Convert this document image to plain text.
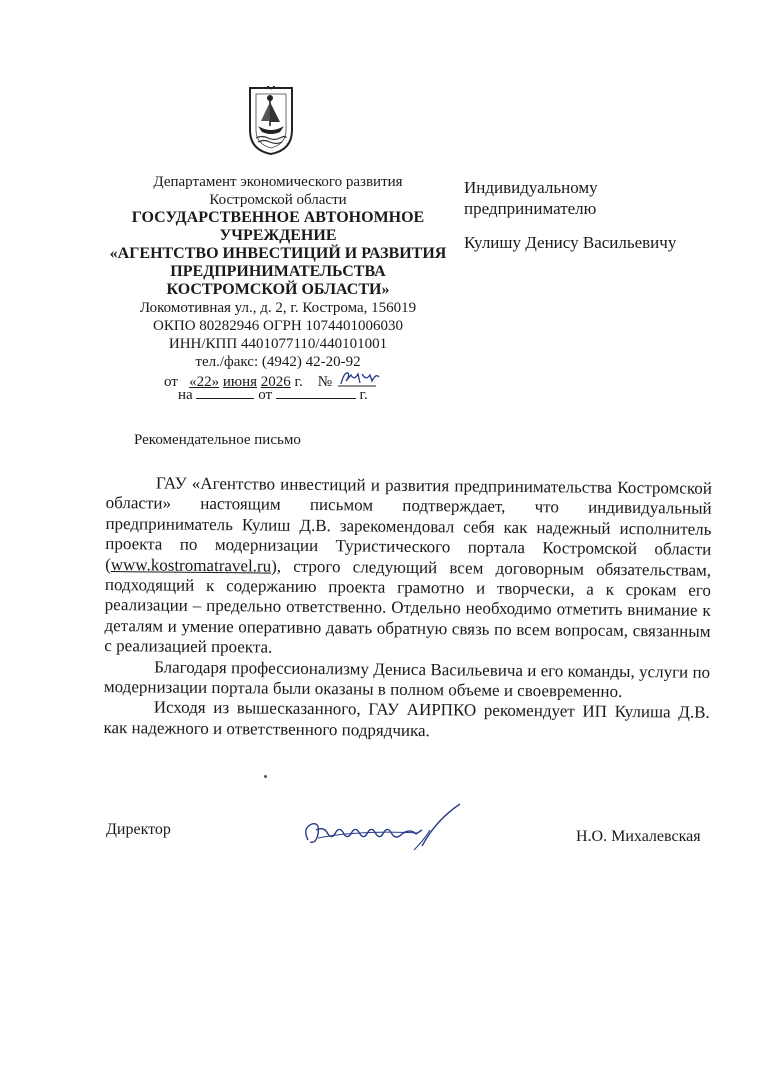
Департамент экономического развития
Костромской области
ГОСУДАРСТВЕННОЕ АВТОНОМНОЕ
УЧРЕЖДЕНИЕ
«АГЕНТСТВО ИНВЕСТИЦИЙ И РАЗВИТИЯ
ПРЕДПРИНИМАТЕЛЬСТВА
КОСТРОМСКОЙ ОБЛАСТИ»
Локомотивная ул., д. 2, г. Кострома, 156019
ОКПО 80282946 ОГРН 1074401006030
ИНН/КПП 4401077110/440101001
тел./факс: (4942) 42-20-92
от «22» июня 2026 г. №
на	от	г.
Индивидуальному
предпринимателю
Кулишу Денису Васильевичу
Рекомендательное письмо

ГАУ «Агентство инвестиций и развития предпринимательства Костромской области» настоящим письмом подтверждает, что индивидуальный предприниматель Кулиш Д.В. зарекомендовал себя как надежный исполнитель проекта по модернизации Туристического портала Костромской области (www.kostromatravel.ru), строго следующий всем договорным обязательствам, подходящий к содержанию проекта грамотно и творчески, а к срокам его реализации – предельно ответственно. Отдельно необходимо отметить внимание к деталям и умение оперативно давать обратную связь по всем вопросам, связанным с реализацией проекта.

Благодаря профессионализму Дениса Васильевича и его команды, услуги по модернизации портала были оказаны в полном объеме и своевременно.

Исходя из вышесказанного, ГАУ АИРПКО рекомендует ИП Кулиша Д.В. как надежного и ответственного подрядчика.

Директор	Н.О. Михалевская
